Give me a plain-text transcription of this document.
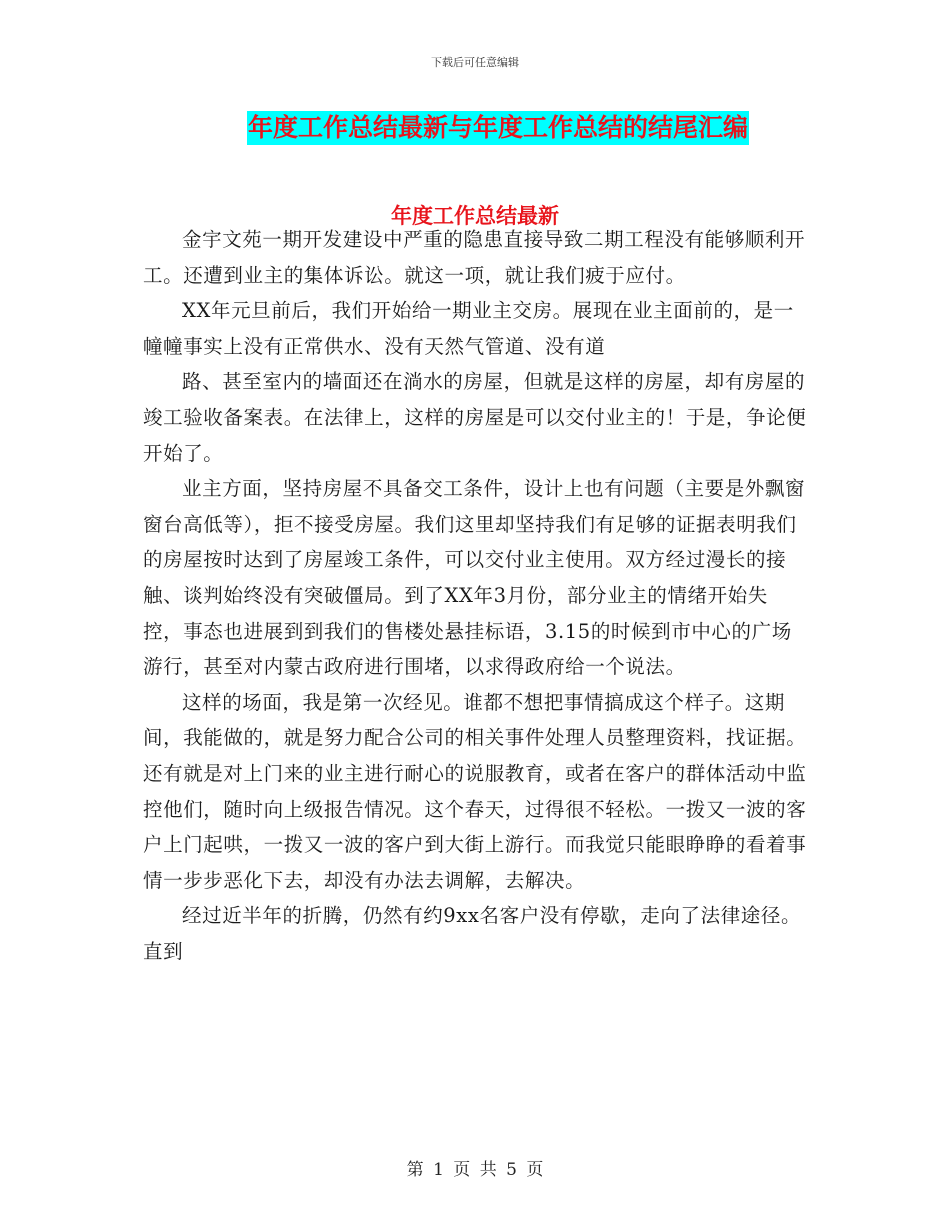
下载后可任意编辑
年度工作总结最新与年度工作总结的结尾汇编
年度工作总结最新

金宇文苑一期开发建设中严重的隐患直接导致二期工程没有能够顺利开工。还遭到业主的集体诉讼。就这一项，就让我们疲于应付。

XX年元旦前后，我们开始给一期业主交房。展现在业主面前的，是一幢幢事实上没有正常供水、没有天然气管道、没有道

路、甚至室内的墙面还在淌水的房屋，但就是这样的房屋，却有房屋的竣工验收备案表。在法律上，这样的房屋是可以交付业主的！于是，争论便开始了。

业主方面，坚持房屋不具备交工条件，设计上也有问题（主要是外飘窗窗台高低等），拒不接受房屋。我们这里却坚持我们有足够的证据表明我们的房屋按时达到了房屋竣工条件，可以交付业主使用。双方经过漫长的接触、谈判始终没有突破僵局。到了XX年3月份，部分业主的情绪开始失控，事态也进展到到我们的售楼处悬挂标语，3.15的时候到市中心的广场游行，甚至对内蒙古政府进行围堵，以求得政府给一个说法。

这样的场面，我是第一次经见。谁都不想把事情搞成这个样子。这期间，我能做的，就是努力配合公司的相关事件处理人员整理资料，找证据。还有就是对上门来的业主进行耐心的说服教育，或者在客户的群体活动中监控他们，随时向上级报告情况。这个春天，过得很不轻松。一拨又一波的客户上门起哄，一拨又一波的客户到大街上游行。而我觉只能眼睁睁的看着事情一步步恶化下去，却没有办法去调解，去解决。

经过近半年的折腾，仍然有约9xx名客户没有停歇，走向了法律途径。直到

第 1 页 共 5 页
